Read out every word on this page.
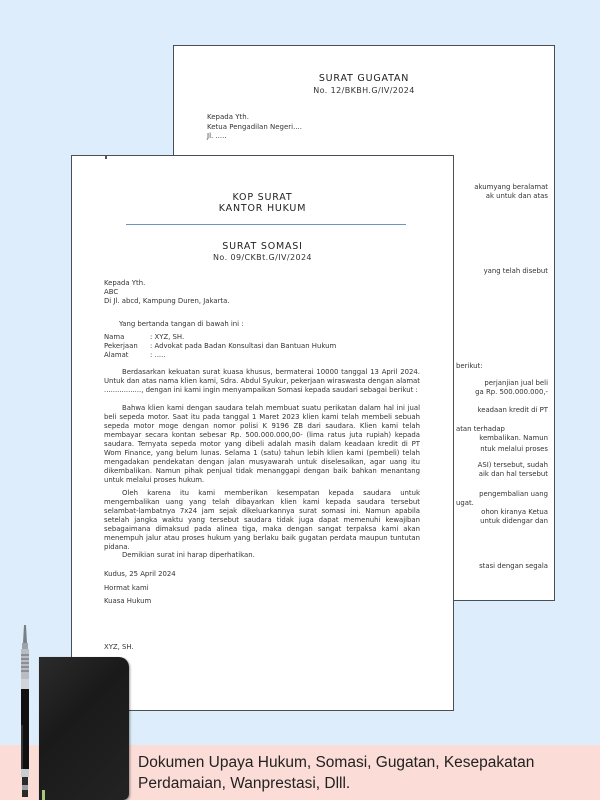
SURAT GUGATAN
No. 12/BKBH.G/IV/2024
Kepada Yth.
Ketua Pengadilan Negeri....
Jl. .....
akumyang beralamat
ak untuk dan atas
yang telah disebut
berikut:
perjanjian jual beli
ga Rp. 500.000.000,-
keadaan kredit di PT
atan terhadap
kembalikan. Namun
ntuk melalui proses
ASI) tersebut, sudah
aik dan hal tersebut
pengembalian uang
ugat.
ohon kiranya Ketua
untuk didengar dan
stasi dengan segala
KOP SURAT
KANTOR HUKUM
SURAT SOMASI
No. 09/CKBt.G/IV/2024

Kepada Yth.

ABC

Di Jl. abcd, Kampung Duren, Jakarta.

Yang bertanda tangan di bawah ini :
Nama	: XYZ, SH.
Pekerjaan	: Advokat pada Badan Konsultasi dan Bantuan Hukum
Alamat	: .....

Berdasarkan kekuatan surat kuasa khusus, bermaterai 10000 tanggal 13 April 2024. Untuk dan atas nama klien kami, Sdra. Abdul Syukur, pekerjaan wiraswasta dengan alamat ................., dengan ini kami ingin menyampaikan Somasi kepada saudari sebagai berikut :

Bahwa klien kami dengan saudara telah membuat suatu perikatan dalam hal ini jual beli sepeda motor. Saat itu pada tanggal 1 Maret 2023 klien kami telah membeli sebuah sepeda motor moge dengan nomor polisi K 9196 ZB dari saudara. Klien kami telah membayar secara kontan sebesar Rp. 500.000.000,00- (lima ratus juta rupiah) kepada saudara. Ternyata sepeda motor yang dibeli adalah masih dalam keadaan kredit di PT Wom Finance, yang belum lunas. Selama 1 (satu) tahun lebih klien kami (pembeli) telah mengadakan pendekatan dengan jalan musyawarah untuk diselesaikan, agar uang itu dikembalikan. Namun pihak penjual tidak menanggapi dengan baik bahkan menantang untuk melalui proses hukum.

Oleh karena itu kami memberikan kesempatan kepada saudara untuk mengembalikan uang yang telah dibayarkan klien kami kepada saudara tersebut selambat-lambatnya 7x24 jam sejak dikeluarkannya surat somasi ini. Namun apabila setelah jangka waktu yang tersebut saudara tidak juga dapat memenuhi kewajiban sebagaimana dimaksud pada alinea tiga, maka dengan sangat terpaksa kami akan menempuh jalur atau proses hukum yang berlaku baik gugatan perdata maupun tuntutan pidana.

Demikian surat ini harap diperhatikan.
Kudus, 25 April 2024
Hormat kami
Kuasa Hukum
XYZ, SH.
Dokumen Upaya Hukum, Somasi, Gugatan, Kesepakatan Perdamaian, Wanprestasi, Dlll.
